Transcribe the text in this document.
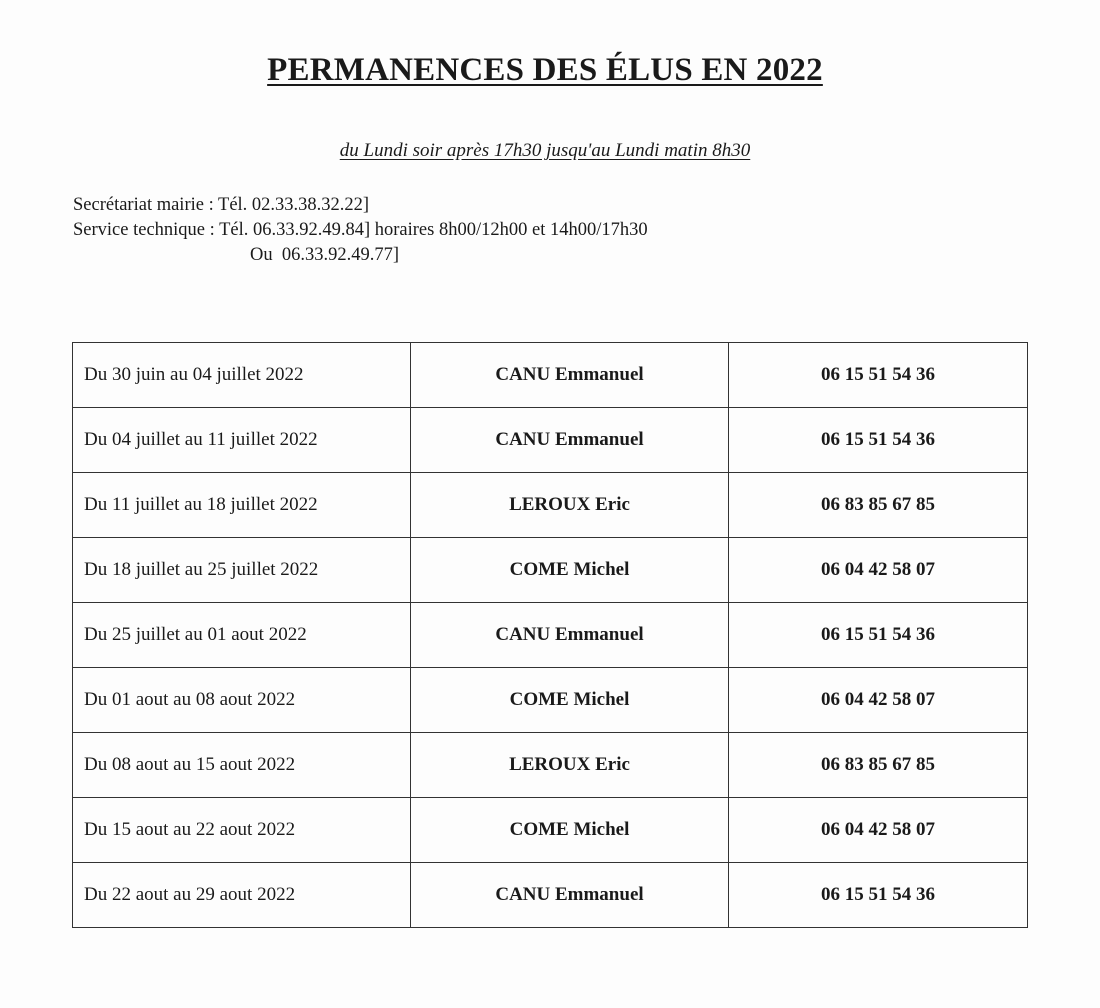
PERMANENCES DES ÉLUS EN 2022
du Lundi soir après 17h30 jusqu'au Lundi matin 8h30
Secrétariat mairie : Tél. 02.33.38.32.22]
Service technique : Tél. 06.33.92.49.84] horaires 8h00/12h00 et 14h00/17h30
Ou  06.33.92.49.77]
Du 30 juin au 04 juillet 2022	CANU Emmanuel	06 15 51 54 36
Du 04 juillet au 11 juillet 2022	CANU Emmanuel	06 15 51 54 36
Du 11 juillet au 18 juillet 2022	LEROUX Eric	06 83 85 67 85
Du 18 juillet au 25 juillet 2022	COME Michel	06 04 42 58 07
Du 25 juillet au 01 aout 2022	CANU Emmanuel	06 15 51 54 36
Du 01 aout au 08 aout 2022	COME Michel	06 04 42 58 07
Du 08 aout au 15 aout 2022	LEROUX Eric	06 83 85 67 85
Du 15 aout au 22 aout 2022	COME Michel	06 04 42 58 07
Du 22 aout au 29 aout 2022	CANU Emmanuel	06 15 51 54 36
